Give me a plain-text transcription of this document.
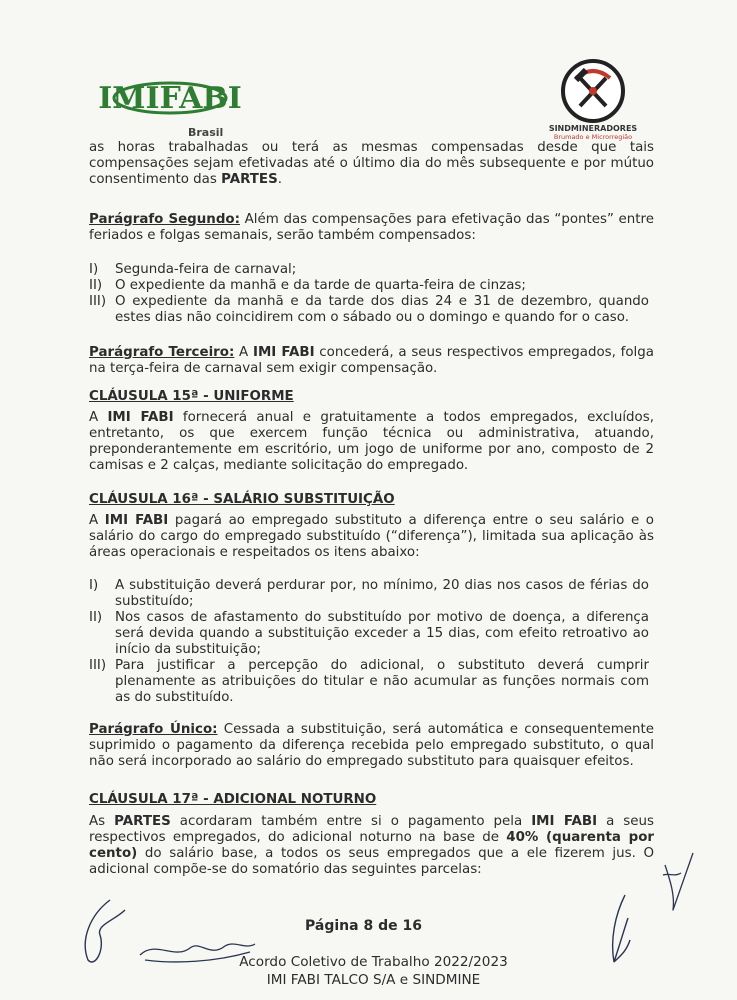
IMIFABI
Brasil	SINDMINERADORES
Brumado e Microrregião

as horas trabalhadas ou terá as mesmas compensadas desde que tais compensações sejam efetivadas até o último dia do mês subsequente e por mútuo consentimento das PARTES.

Parágrafo Segundo: Além das compensações para efetivação das “pontes” entre feriados e folgas semanais, serão também compensados:

I)	Segunda-feira de carnaval;
II) O expediente da manhã e da tarde de quarta-feira de cinzas;
III) O expediente da manhã e da tarde dos dias 24 e 31 de dezembro, quando estes dias não coincidirem com o sábado ou o domingo e quando for o caso.

Parágrafo Terceiro: A IMI FABI concederá, a seus respectivos empregados, folga na terça-feira de carnaval sem exigir compensação.

CLÁUSULA 15ª - UNIFORME

A IMI FABI fornecerá anual e gratuitamente a todos empregados, excluídos, entretanto, os que exercem função técnica ou administrativa, atuando, preponderantemente em escritório, um jogo de uniforme por ano, composto de 2 camisas e 2 calças, mediante solicitação do empregado.

CLÁUSULA 16ª - SALÁRIO SUBSTITUIÇÃO

A IMI FABI pagará ao empregado substituto a diferença entre o seu salário e o salário do cargo do empregado substituído (“diferença”), limitada sua aplicação às áreas operacionais e respeitados os itens abaixo:

I)	A substituição deverá perdurar por, no mínimo, 20 dias nos casos de férias do substituído;
II) Nos casos de afastamento do substituído por motivo de doença, a diferença será devida quando a substituição exceder a 15 dias, com efeito retroativo ao início da substituição;
III) Para justificar a percepção do adicional, o substituto deverá cumprir plenamente as atribuições do titular e não acumular as funções normais com as do substituído.

Parágrafo Único: Cessada a substituição, será automática e consequentemente suprimido o pagamento da diferença recebida pelo empregado substituto, o qual não será incorporado ao salário do empregado substituto para quaisquer efeitos.

CLÁUSULA 17ª - ADICIONAL NOTURNO

As PARTES acordaram também entre si o pagamento pela IMI FABI a seus respectivos empregados, do adicional noturno na base de 40% (quarenta por cento) do salário base, a todos os seus empregados que a ele fizerem jus. O adicional compõe-se do somatório das seguintes parcelas:

Página 8 de 16
Acordo Coletivo de Trabalho 2022/2023
IMI FABI TALCO S/A e SINDMINE
